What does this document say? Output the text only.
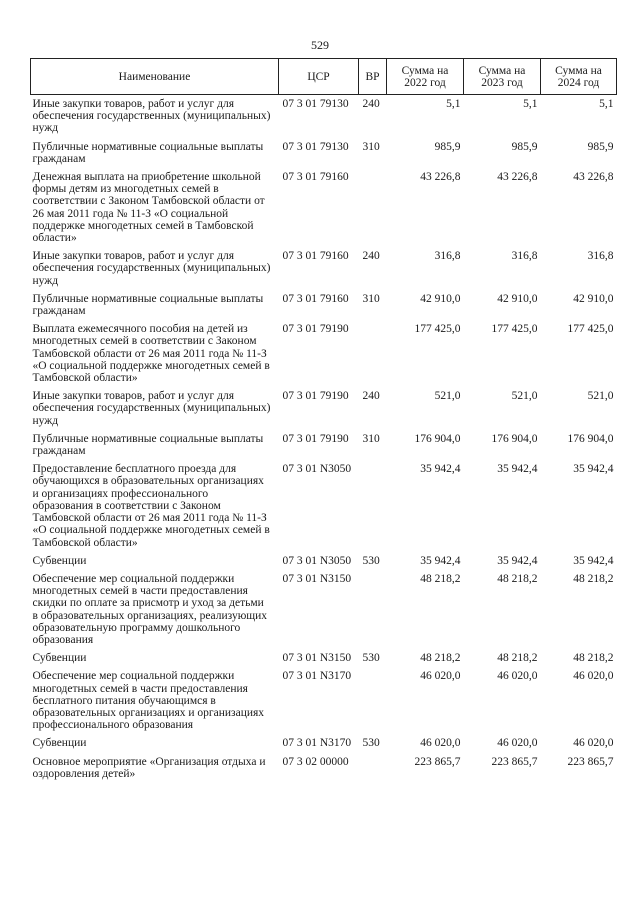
529
Наименование	ЦСР	ВР	Сумма на 2022 год	Сумма на 2023 год	Сумма на 2024 год
Иные закупки товаров, работ и услуг для обеспечения государственных (муниципальных) нужд	07 3 01 79130	240	5,1	5,1	5,1
Публичные нормативные социальные выплаты гражданам	07 3 01 79130	310	985,9	985,9	985,9
Денежная выплата на приобретение школьной формы детям из многодетных семей в соответствии с Законом Тамбовской области от 26 мая 2011 года № 11-З «О социальной поддержке многодетных семей в Тамбовской области»	07 3 01 79160		43 226,8	43 226,8	43 226,8
Иные закупки товаров, работ и услуг для обеспечения государственных (муниципальных) нужд	07 3 01 79160	240	316,8	316,8	316,8
Публичные нормативные социальные выплаты гражданам	07 3 01 79160	310	42 910,0	42 910,0	42 910,0
Выплата ежемесячного пособия на детей из многодетных семей в соответствии с Законом Тамбовской области от 26 мая 2011 года № 11-З «О социальной поддержке многодетных семей в Тамбовской области»	07 3 01 79190		177 425,0	177 425,0	177 425,0
Иные закупки товаров, работ и услуг для обеспечения государственных (муниципальных) нужд	07 3 01 79190	240	521,0	521,0	521,0
Публичные нормативные социальные выплаты гражданам	07 3 01 79190	310	176 904,0	176 904,0	176 904,0
Предоставление бесплатного проезда для обучающихся в образовательных организациях и организациях профессионального образования в соответствии с Законом Тамбовской области от 26 мая 2011 года № 11-З «О социальной поддержке многодетных семей в Тамбовской области»	07 3 01 N3050		35 942,4	35 942,4	35 942,4
Субвенции	07 3 01 N3050	530	35 942,4	35 942,4	35 942,4
Обеспечение мер социальной поддержки многодетных семей в части предоставления скидки по оплате за присмотр и уход за детьми в образовательных организациях, реализующих образовательную программу дошкольного образования	07 3 01 N3150		48 218,2	48 218,2	48 218,2
Субвенции	07 3 01 N3150	530	48 218,2	48 218,2	48 218,2
Обеспечение мер социальной поддержки многодетных семей в части предоставления бесплатного питания обучающимся в образовательных организациях и организациях профессионального образования	07 3 01 N3170		46 020,0	46 020,0	46 020,0
Субвенции	07 3 01 N3170	530	46 020,0	46 020,0	46 020,0
Основное мероприятие «Организация отдыха и оздоровления детей»	07 3 02 00000		223 865,7	223 865,7	223 865,7
